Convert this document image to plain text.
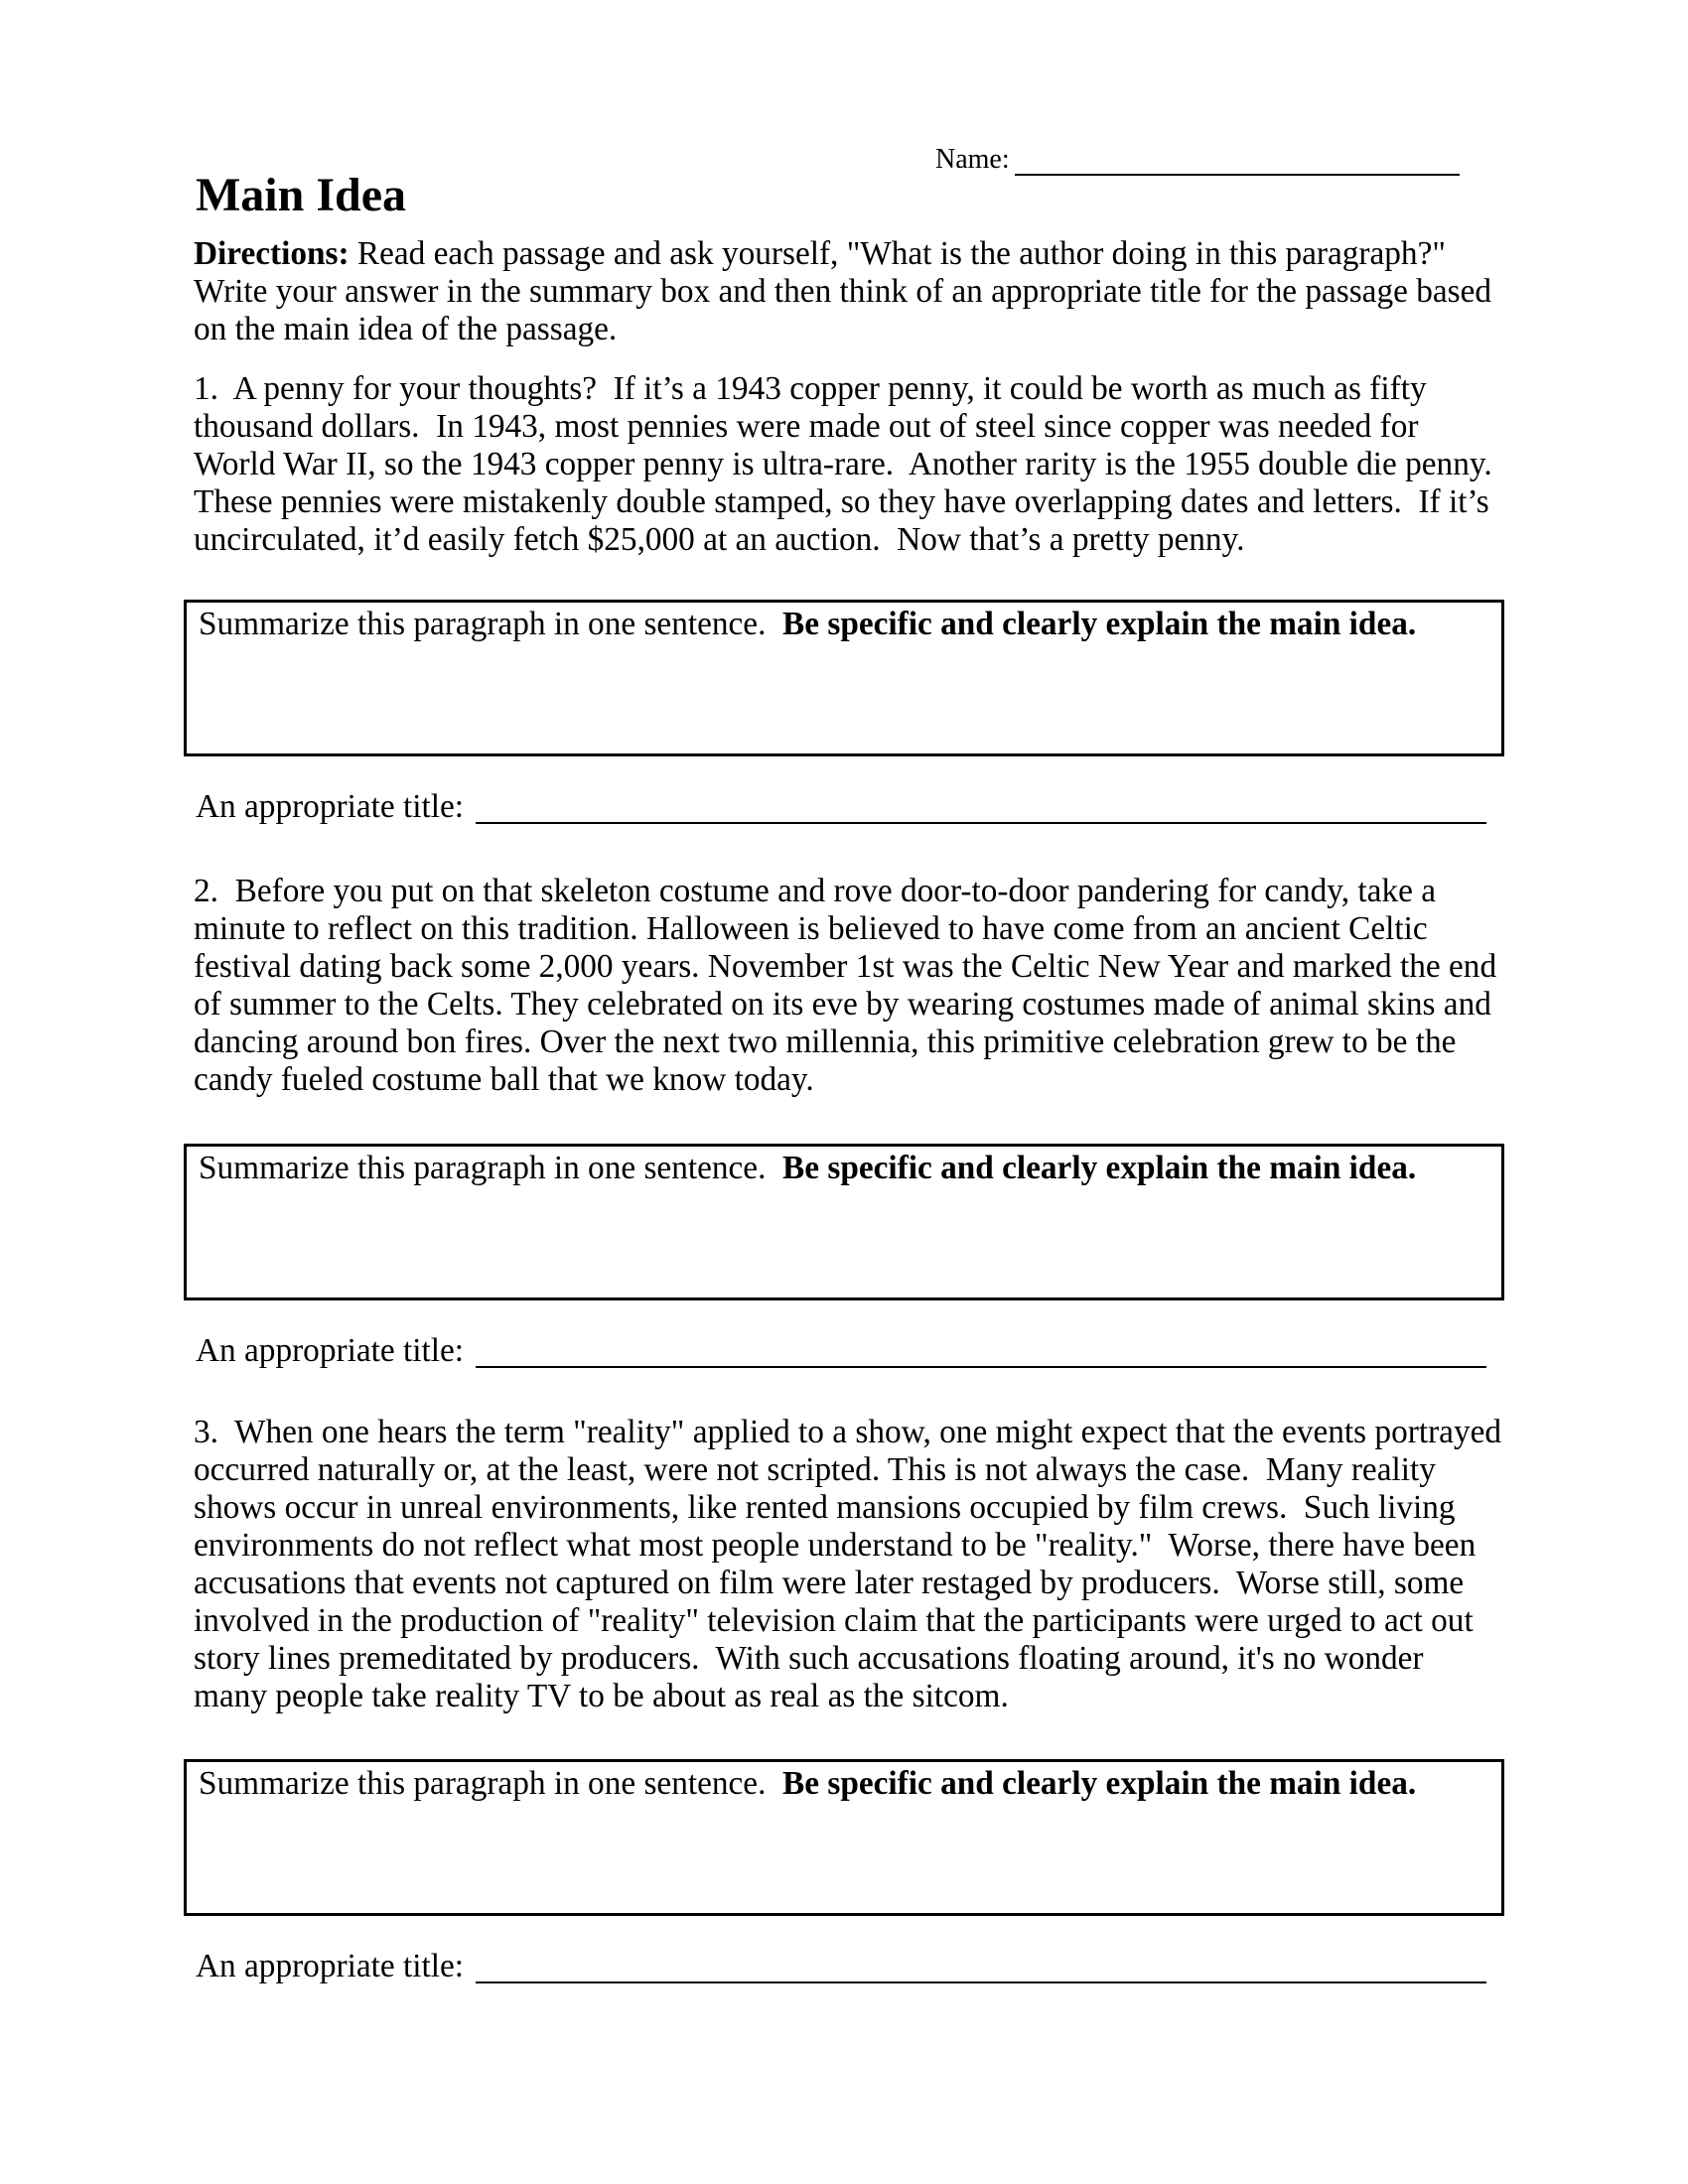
Name:
Main Idea

Directions: Read each passage and ask yourself, "What is the author doing in this paragraph?" Write your answer in the summary box and then think of an appropriate title for the passage based on the main idea of the passage.

1.  A penny for your thoughts?  If it’s a 1943 copper penny, it could be worth as much as fifty thousand dollars.  In 1943, most pennies were made out of steel since copper was needed for World War II, so the 1943 copper penny is ultra-rare.  Another rarity is the 1955 double die penny.  These pennies were mistakenly double stamped, so they have overlapping dates and letters.  If it’s uncirculated, it’d easily fetch $25,000 at an auction.  Now that’s a pretty penny.

Summarize this paragraph in one sentence.  Be specific and clearly explain the main idea.

An appropriate title:

2.  Before you put on that skeleton costume and rove door-to-door pandering for candy, take a minute to reflect on this tradition. Halloween is believed to have come from an ancient Celtic festival dating back some 2,000 years. November 1st was the Celtic New Year and marked the end of summer to the Celts. They celebrated on its eve by wearing costumes made of animal skins and dancing around bon fires. Over the next two millennia, this primitive celebration grew to be the candy fueled costume ball that we know today.

Summarize this paragraph in one sentence.  Be specific and clearly explain the main idea.

An appropriate title:

3.  When one hears the term "reality" applied to a show, one might expect that the events portrayed occurred naturally or, at the least, were not scripted. This is not always the case.  Many reality shows occur in unreal environments, like rented mansions occupied by film crews.  Such living environments do not reflect what most people understand to be "reality."  Worse, there have been accusations that events not captured on film were later restaged by producers.  Worse still, some involved in the production of "reality" television claim that the participants were urged to act out story lines premeditated by producers.  With such accusations floating around, it's no wonder many people take reality TV to be about as real as the sitcom.

Summarize this paragraph in one sentence.  Be specific and clearly explain the main idea.

An appropriate title:
